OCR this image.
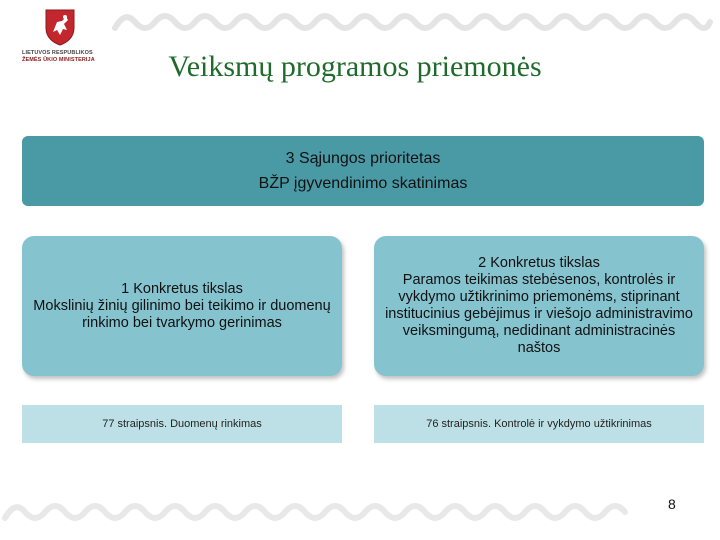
LIETUVOS RESPUBLIKOS
ŽEMĖS ŪKIO MINISTERIJA	Veiksmų programos priemonės
3 Sąjungos prioritetas
BŽP įgyvendinimo skatinimas
1 Konkretus tikslas
Mokslinių žinių gilinimo bei teikimo ir duomenų rinkimo bei tvarkymo gerinimas
2 Konkretus tikslas
Paramos teikimas stebėsenos, kontrolės ir vykdymo užtikrinimo priemonėms, stiprinant institucinius gebėjimus ir viešojo administravimo veiksmingumą, nedidinant administracinės naštos
77 straipsnis. Duomenų rinkimas	76 straipsnis. Kontrolė ir vykdymo užtikrinimas
8
